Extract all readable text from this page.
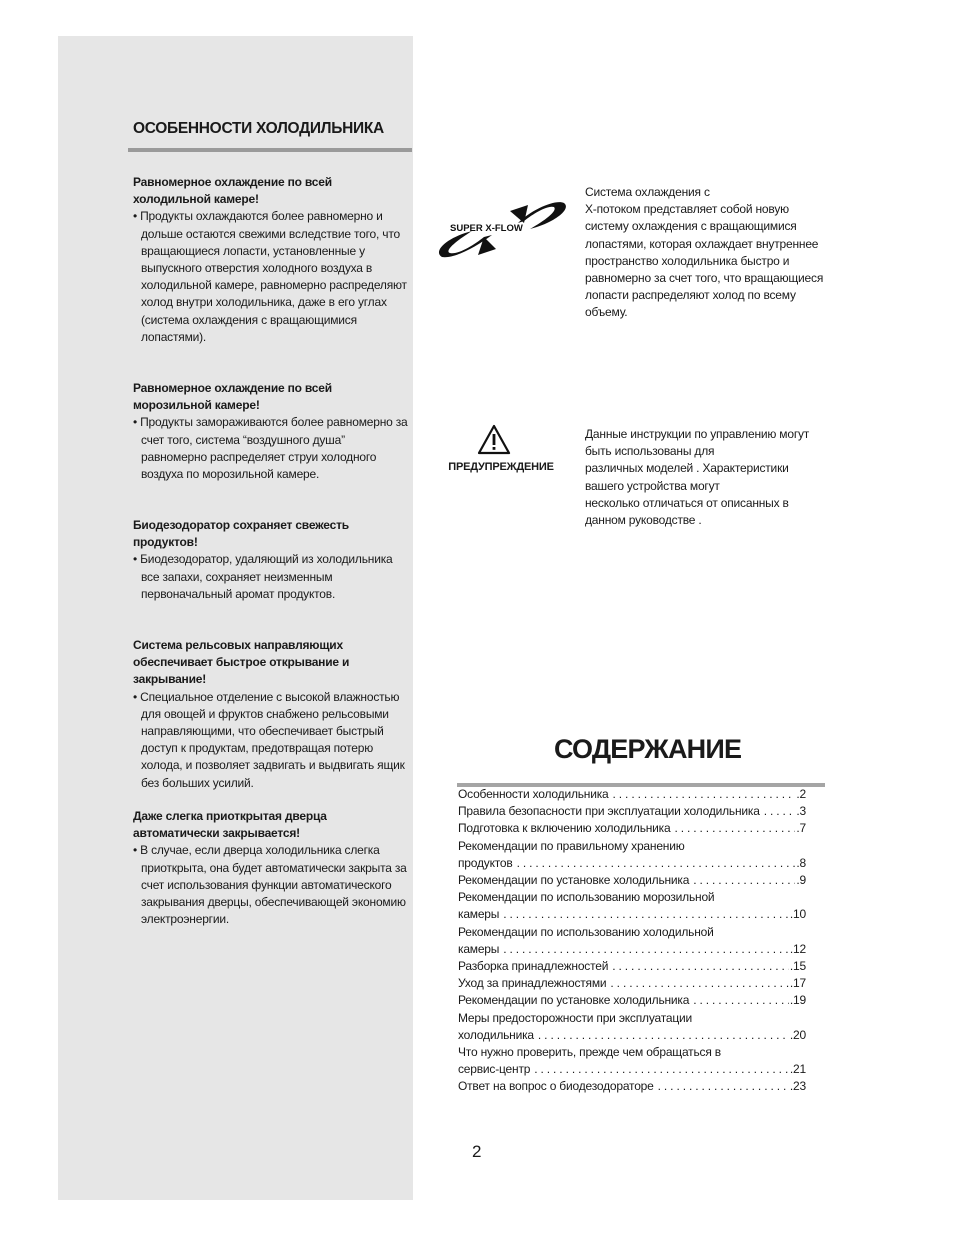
ОСОБЕННОСТИ ХОЛОДИЛЬНИКА
Равномерное охлаждение по всей
холодильной камере!

• Продукты охлаждаются более равномерно и дольше остаются свежими вследствие того, что вращающиеся лопасти, установленные у выпускного отверстия холодного воздуха в холодильной камере, равномерно распределяют холод внутри холодильника, даже в его углах (система охлаждения с вращающимися лопастями).

Равномерное охлаждение по всей
морозильной камере!

• Продукты замораживаются более равномерно за счет того, система “воздушного душа” равномерно распределяет струи холодного воздуха по морозильной камере.

Биодезодоратор сохраняет свежесть
продуктов!

• Биодезодоратор, удаляющий из холодильника все запахи, сохраняет неизменным первоначальный аромат продуктов.

Система рельсовых направляющих
обеспечивает быстрое открывание и
закрывание!

• Специальное отделение с высокой влажностью для овощей и фруктов снабжено рельсовыми направляющими, что обеспечивает быстрый доступ к продуктам, предотвращая потерю холода, и позволяет задвигать и выдвигать ящик без больших усилий.

Даже слегка приоткрытая дверца
автоматически закрывается!

• В случае, если дверца холодильника слегка приоткрыта, она будет автоматически закрыта за счет использования функции автоматического закрывания дверцы, обеспечивающей экономию электроэнергии.

SUPER X-FLOW

Система охлаждения с
X-потоком представляет собой новую
систему охлаждения с вращающимися
лопастями, которая охлаждает внутреннее
пространство холодильника быстро и
равномерно за счет того, что вращающиеся
лопасти распределяют холод по всему
объему.

ПРЕДУПРЕЖДЕНИЕ

Данные инструкции по управлению могут
быть использованы для
различных моделей . Характеристики
вашего устройства могут
несколько отличаться от описанных в
данном руководстве .

СОДЕРЖАНИЕ
Особенности холодильника . . .	.2
Правила безопасности при эксплуатации холодильника . . .	.3
Подготовка к включению холодильника . . .	.7
Рекомендации по правильному хранению
продуктов . . .	.8
Рекомендации по установке холодильника . . .	.9
Рекомендации по использованию морозильной
камеры . . .	.10
Рекомендации по использованию холодильной
камеры . . .	.12
Разборка принадлежностей . . .	.15
Уход за принадлежностями . . .	.17
Рекомендации по установке холодильника . . .	.19
Меры предосторожности при эксплуатации
холодильника . . .	.20
Что нужно проверить, прежде чем обращаться в
сервис-центр . . .	.21
Ответ на вопрос о биодезодораторе . . .	.23

2
